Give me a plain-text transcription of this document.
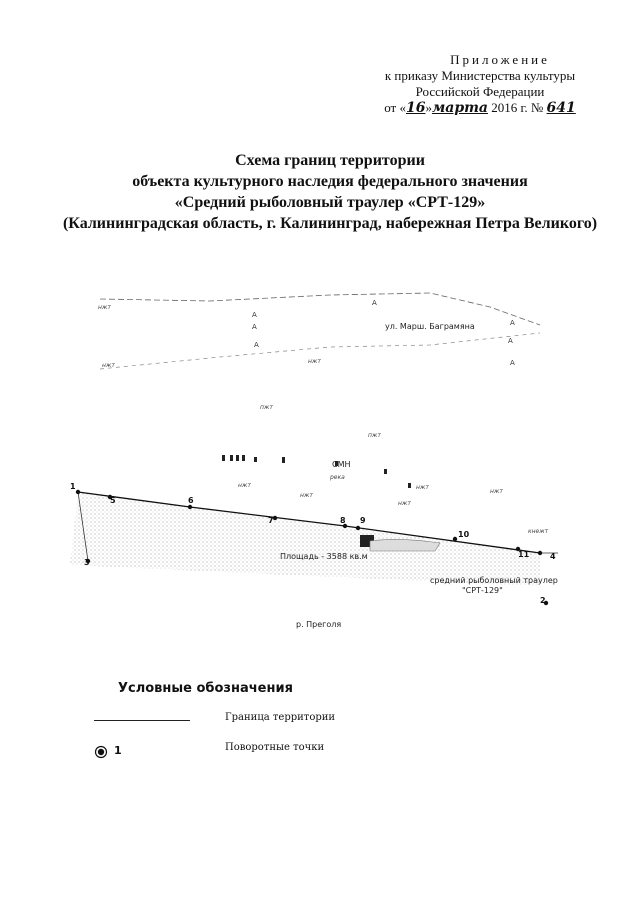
Приложение
к приказу Министерства культуры
Российской Федерации
от «16»марта 2016 г. № 641
Схема границ территории
объекта культурного наследия федерального значения
«Средний рыболовный траулер «СРТ-129»
(Калининградская область, г. Калининград, набережная Петра Великого)
А
А
А
А
А
А
А
нжт
пжт
пжт
нжт
нжт
нжт
нжт
нжт
нжт
кнежт
нжт
СМН
река
ул. Марш. Баграмяна
Площадь - 3588 кв.м
средний рыболовный траулер
"СРТ-129"
р. Преголя
1
3
5	6
7	8 9
10
11	4
2
Условные обозначения
Граница территории
1	Поворотные точки
